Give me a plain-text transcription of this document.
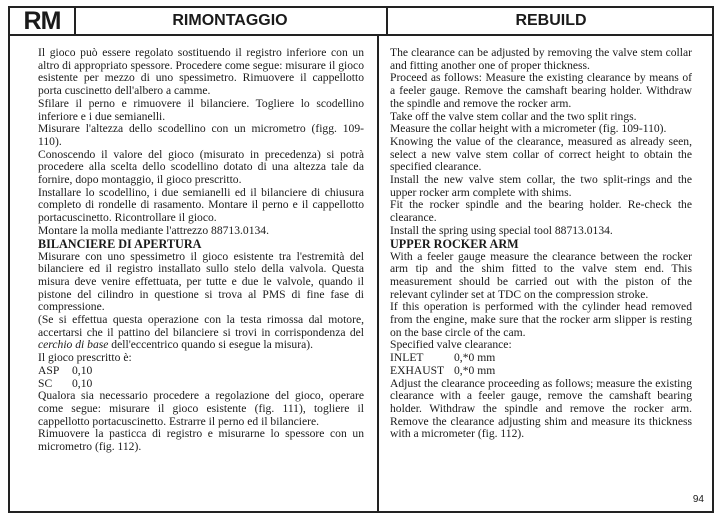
RM	RIMONTAGGIO	REBUILD

Il gioco può essere regolato sostituendo il registro inferiore con un altro di appropriato spessore. Procedere come segue: misurare il gioco esistente per mezzo di uno spessimetro. Rimuovere il cappellotto porta cuscinetto dell'albero a camme.

Sfilare il perno e rimuovere il bilanciere. Togliere lo scodellino inferiore e i due semianelli.

Misurare l'altezza dello scodellino con un micrometro (figg. 109-110).

Conoscendo il valore del gioco (misurato in precedenza) si potrà procedere alla scelta dello scodellino dotato di una altezza tale da fornire, dopo montaggio, il gioco prescritto.

Installare lo scodellino, i due semianelli ed il bilanciere di chiusura completo di rondelle di rasamento. Montare il perno e il cappellotto portacuscinetto. Ricontrollare il gioco.

Montare la molla mediante l'attrezzo 88713.0134.

BILANCIERE DI APERTURA

Misurare con uno spessimetro il gioco esistente tra l'estremità del bilanciere ed il registro installato sullo stelo della valvola. Questa misura deve venire effettuata, per tutte e due le valvole, quando il pistone del cilindro in questione si trova al PMS di fine fase di compressione.

(Se si effettua questa operazione con la testa rimossa dal motore, accertarsi che il pattino del bilanciere si trovi in corrispondenza del cerchio di base dell'eccentrico quando si esegue la misura).

Il gioco prescritto è:

ASP	0,10
SC	0,10

Qualora sia necessario procedere a regolazione del gioco, operare come segue: misurare il gioco esistente (fig. 111), togliere il cappellotto portacuscinetto. Estrarre il perno ed il bilanciere.

Rimuovere la pasticca di registro e misurarne lo spessore con un micrometro (fig. 112).

The clearance can be adjusted by removing the valve stem collar and fitting another one of proper thickness.

Proceed as follows: Measure the existing clearance by means of a feeler gauge. Remove the camshaft bearing holder. Withdraw the spindle and remove the rocker arm.

Take off the valve stem collar and the two split rings.

Measure the collar height with a micrometer (fig. 109-110).

Knowing the value of the clearance, measured as already seen, select a new valve stem collar of correct height to obtain the specified clearance.

Install the new valve stem collar, the two split-rings and the upper rocker arm complete with shims.

Fit the rocker spindle and the bearing holder. Re-check the clearance.

Install the spring using special tool 88713.0134.

UPPER ROCKER ARM

With a feeler gauge measure the clearance between the rocker arm tip and the shim fitted to the valve stem end. This measurement should be carried out with the piston of the relevant cylinder set at TDC on the compression stroke.

If this operation is performed with the cylinder head removed from the engine, make sure that the rocker arm slipper is resting on the base circle of the cam.

Specified valve clearance:

INLET	0,*0 mm
EXHAUST 0,*0 mm

Adjust the clearance proceeding as follows; measure the existing clearance with a feeler gauge, remove the camshaft bearing holder. Withdraw the spindle and remove the rocker arm. Remove the clearance adjusting shim and measure its thickness with a micrometer (fig. 112).

94
